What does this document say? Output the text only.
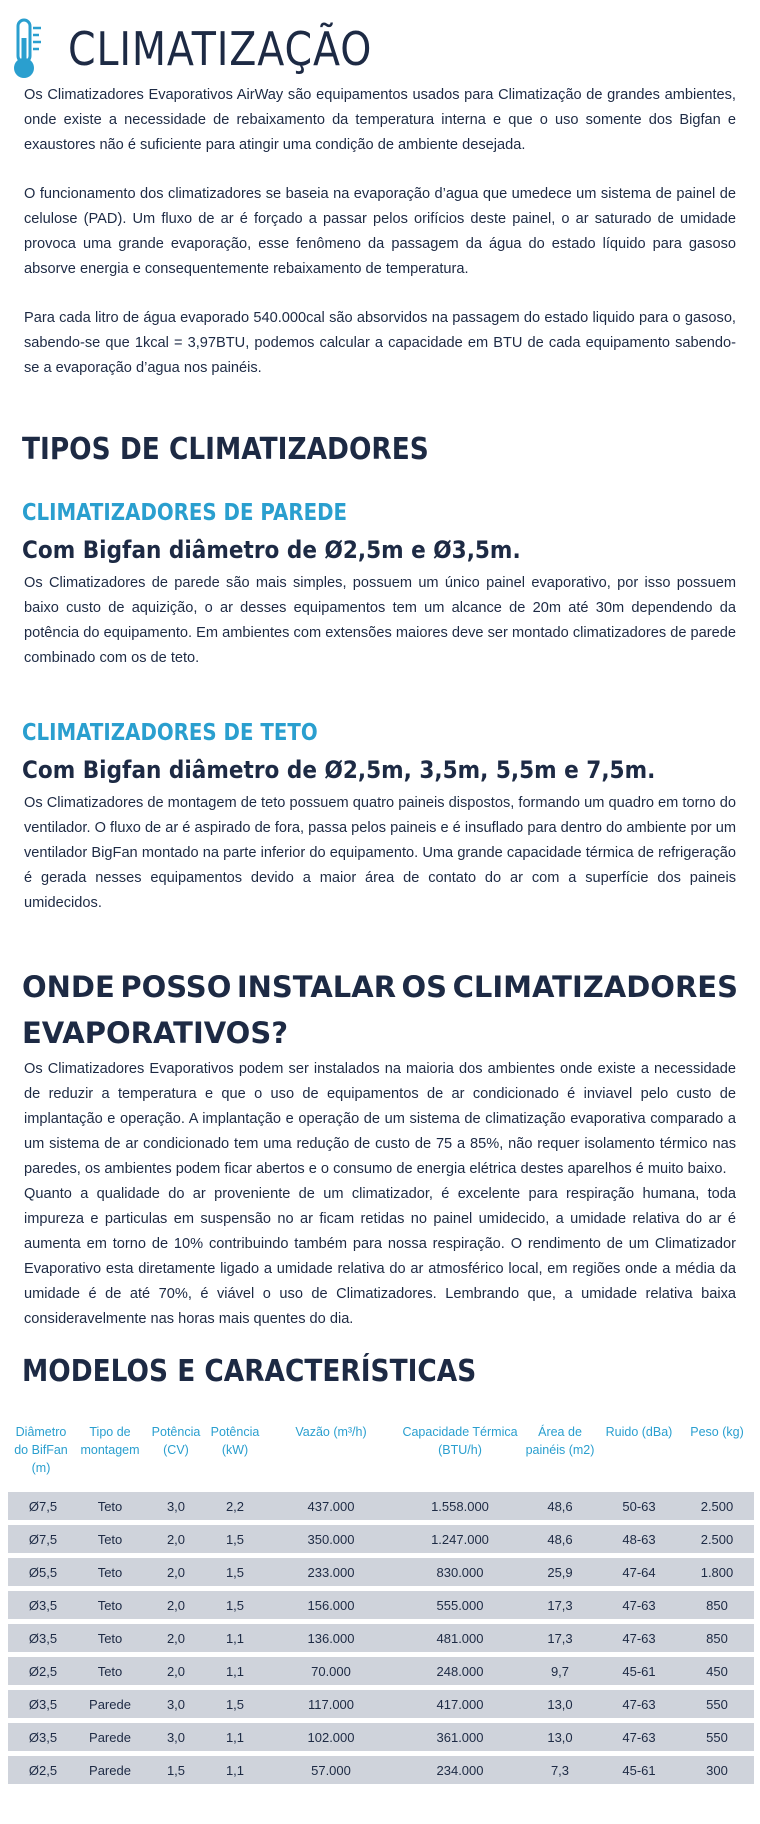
CLIMATIZAÇÃO

Os Climatizadores Evaporativos AirWay são equipamentos usados para Climatização de grandes ambientes, onde existe a necessidade de rebaixamento da temperatura interna e que o uso somente dos Bigfan e exaustores não é suficiente para atingir uma condição de ambiente desejada.

O funcionamento dos climatizadores se baseia na evaporação d’agua que umedece um sistema de painel de celulose (PAD). Um fluxo de ar é forçado a passar pelos orifícios deste painel, o ar saturado de umidade provoca uma grande evaporação, esse fenômeno da passagem da água do estado líquido para gasoso absorve energia e consequentemente rebaixamento de temperatura.

Para cada litro de água evaporado 540.000cal são absorvidos na passagem do estado liquido para o gasoso, sabendo-se que 1kcal = 3,97BTU, podemos calcular a capacidade em BTU de cada equipamento sabendo-se a evaporação d’agua nos painéis.

TIPOS DE CLIMATIZADORES
CLIMATIZADORES DE PAREDE
Com Bigfan diâmetro de Ø2,5m e Ø3,5m.

Os Climatizadores de parede são mais simples, possuem um único painel evaporativo, por isso possuem baixo custo de aquizição, o ar desses equipamentos tem um alcance de 20m até 30m dependendo da potência do equipamento. Em ambientes com extensões maiores deve ser montado climatizadores de parede combinado com os de teto.

CLIMATIZADORES DE TETO
Com Bigfan diâmetro de Ø2,5m, 3,5m, 5,5m e 7,5m.

Os Climatizadores de montagem de teto possuem quatro paineis dispostos, formando um quadro em torno do ventilador. O fluxo de ar é aspirado de fora, passa pelos paineis e é insuflado para dentro do ambiente por um ventilador BigFan montado na parte inferior do equipamento. Uma grande capacidade térmica de refrigeração é gerada nesses equipamentos devido a maior área de contato do ar com a superfície dos paineis umidecidos.

ONDE POSSO INSTALAR OS CLIMATIZADORES
EVAPORATIVOS?

Os Climatizadores Evaporativos podem ser instalados na maioria dos ambientes onde existe a necessidade de reduzir a temperatura e que o uso de equipamentos de ar condicionado é inviavel pelo custo de implantação e operação. A implantação e operação de um sistema de climatização evaporativa comparado a um sistema de ar condicionado tem uma redução de custo de 75 a 85%, não requer isolamento térmico nas paredes, os ambientes podem ficar abertos e o consumo de energia elétrica destes aparelhos é muito baixo.

Quanto a qualidade do ar proveniente de um climatizador, é excelente para respiração humana, toda impureza e particulas em suspensão no ar ficam retidas no painel umidecido, a umidade relativa do ar é aumenta em torno de 10% contribuindo também para nossa respiração. O rendimento de um Climatizador Evaporativo esta diretamente ligado a umidade relativa do ar atmosférico local, em regiões onde a média da umidade é de até 70%, é viável o uso de Climatizadores. Lembrando que, a umidade relativa baixa consideravelmente nas horas mais quentes do dia.

MODELOS E CARACTERÍSTICAS
Diâmetro do BifFan (m)	Tipo de montagem	Potência (CV)	Potência (kW)	Vazão (m³/h)	Capacidade Térmica (BTU/h)	Área de painéis (m2)	Ruido (dBa)	Peso (kg)
Ø7,5	Teto	3,0	2,2	437.000	1.558.000	48,6	50-63	2.500
Ø7,5	Teto	2,0	1,5	350.000	1.247.000	48,6	48-63	2.500
Ø5,5	Teto	2,0	1,5	233.000	830.000	25,9	47-64	1.800
Ø3,5	Teto	2,0	1,5	156.000	555.000	17,3	47-63	850
Ø3,5	Teto	2,0	1,1	136.000	481.000	17,3	47-63	850
Ø2,5	Teto	2,0	1,1	70.000	248.000	9,7	45-61	450
Ø3,5	Parede	3,0	1,5	117.000	417.000	13,0	47-63	550
Ø3,5	Parede	3,0	1,1	102.000	361.000	13,0	47-63	550
Ø2,5	Parede	1,5	1,1	57.000	234.000	7,3	45-61	300
